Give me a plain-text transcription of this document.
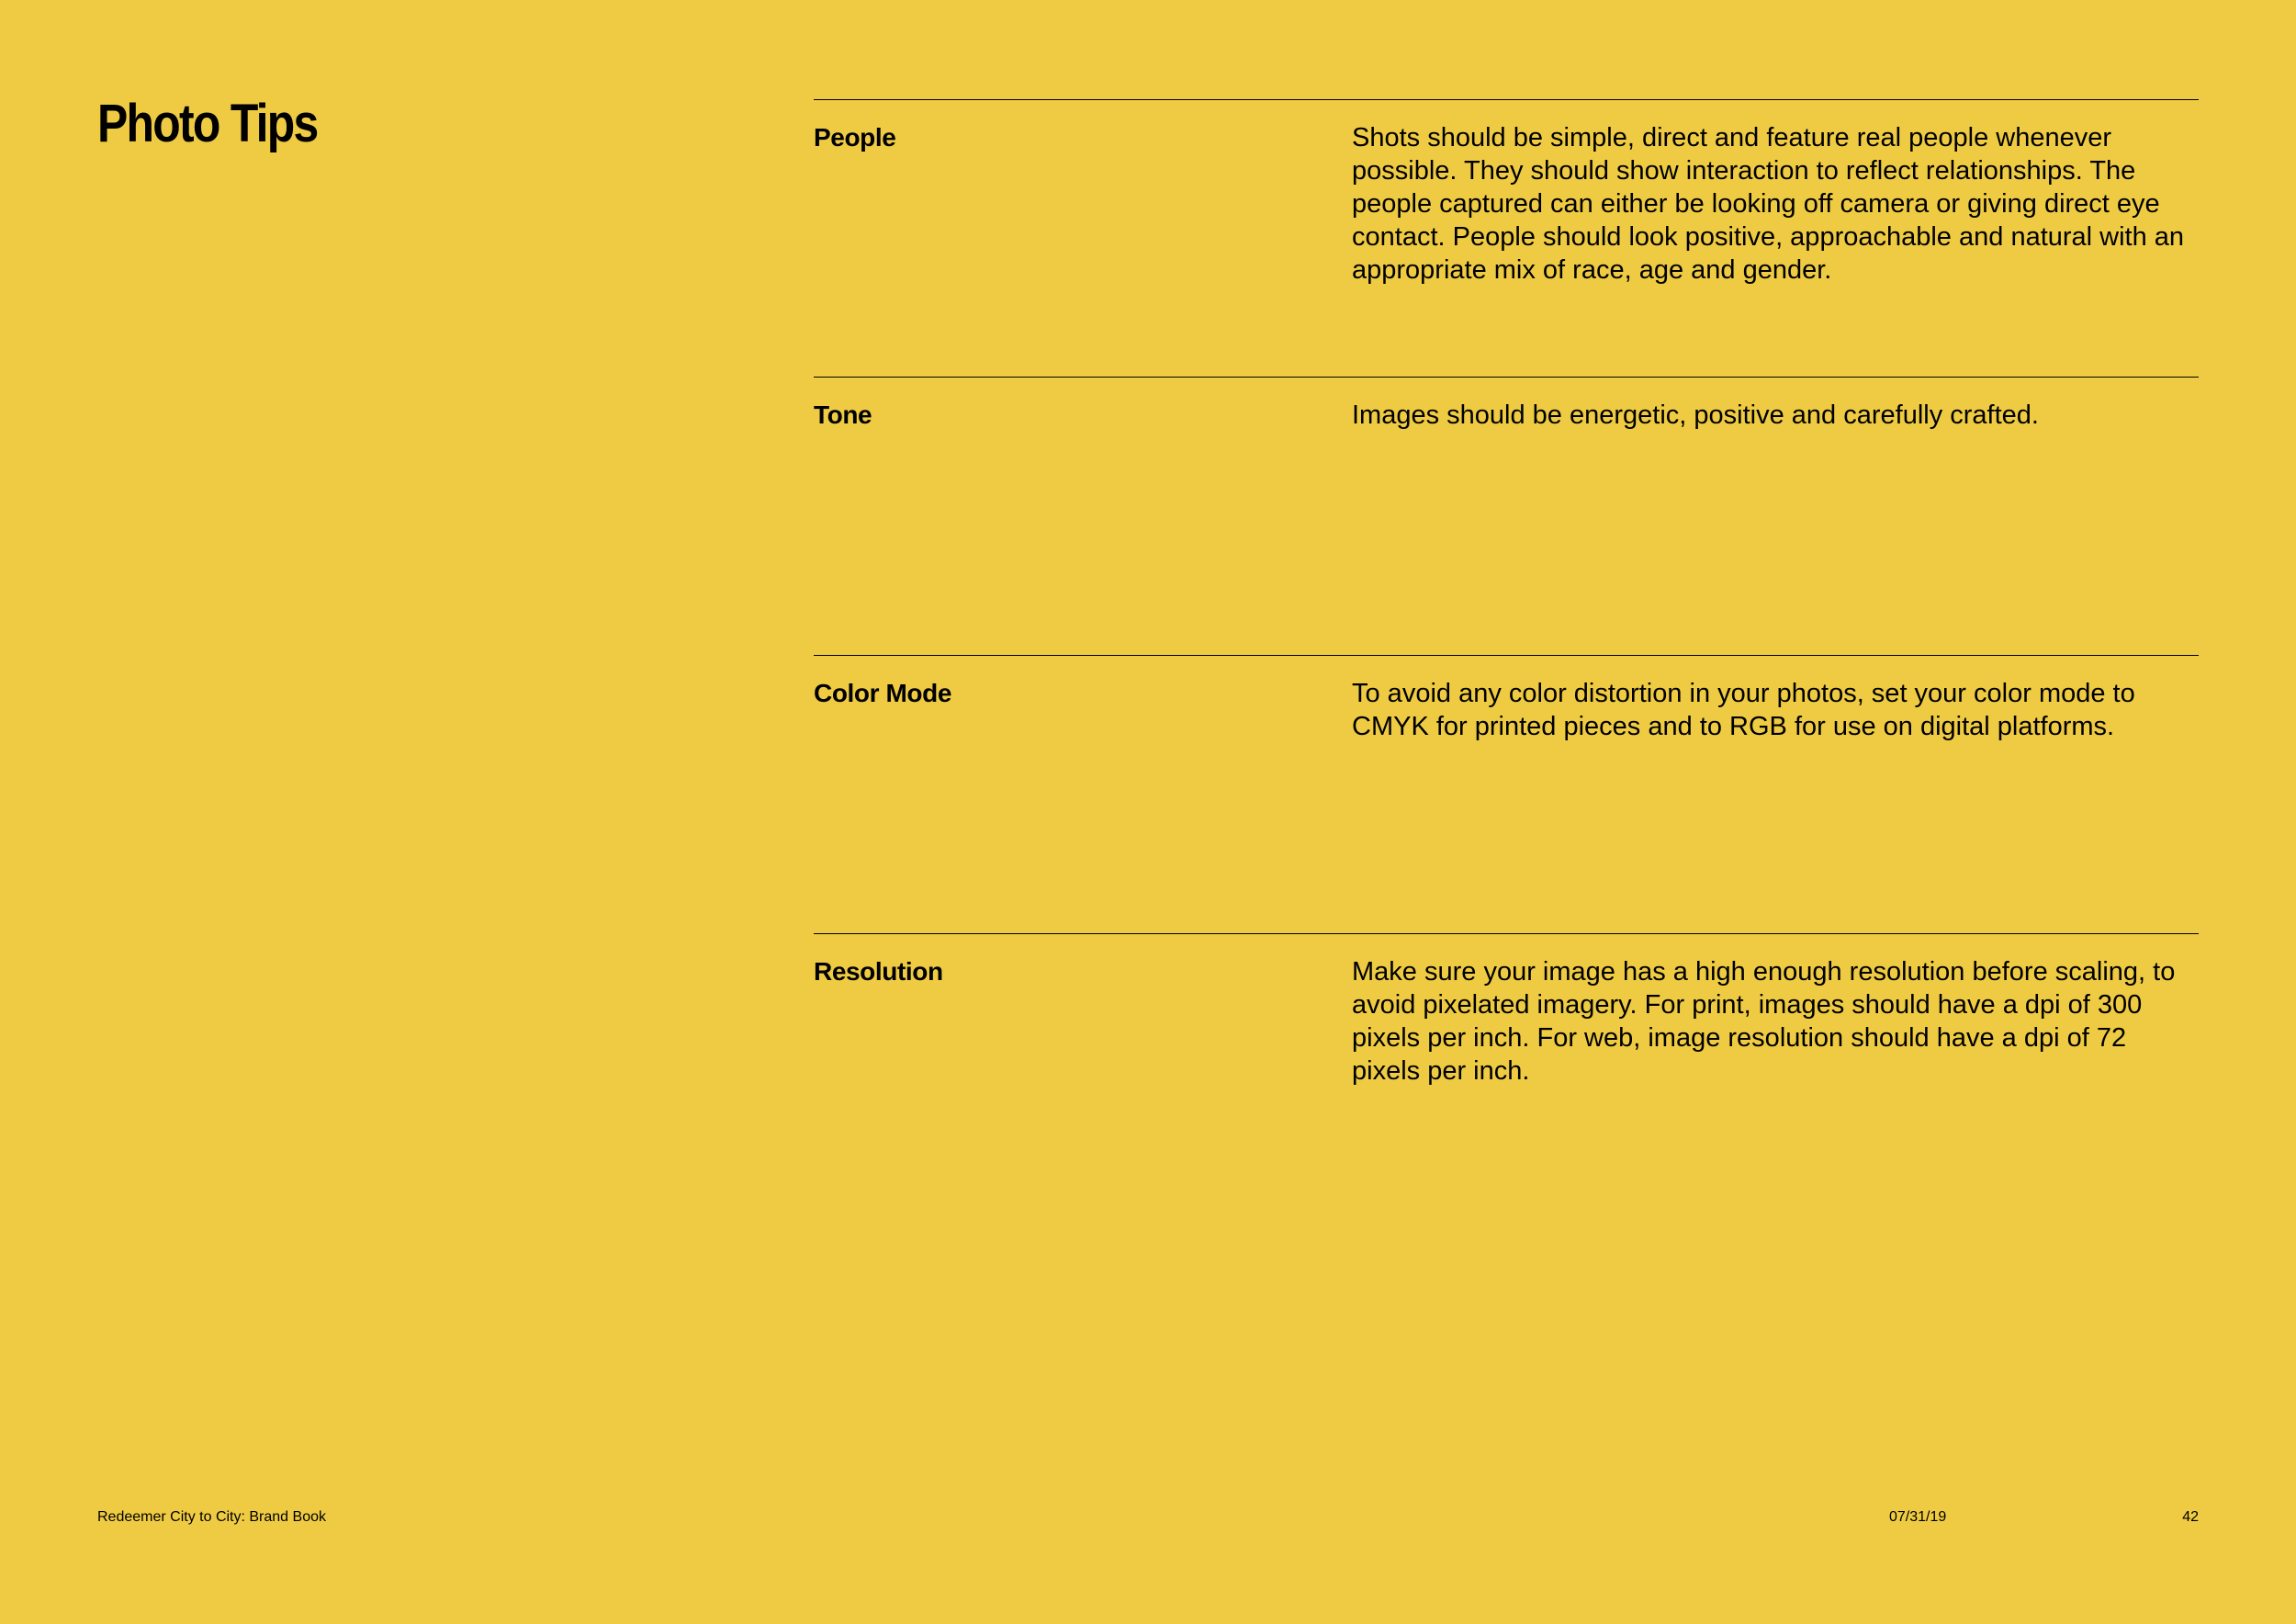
Photo Tips	People	Shots should be simple, direct and feature real people whenever possible. They should show interaction to reflect relationships. The people captured can either be looking off camera or giving direct eye contact. People should look positive, approachable and natural with an appropriate mix of race, age and gender.

Tone	Images should be energetic, positive and carefully crafted.

Color Mode	To avoid any color distortion in your photos, set your color mode to CMYK for printed pieces and to RGB for use on digital platforms.

Resolution	Make sure your image has a high enough resolution before scaling, to avoid pixelated imagery. For print, images should have a dpi of 300 pixels per inch. For web, image resolution should have a dpi of 72 pixels per inch.

Redeemer City to City: Brand Book	07/31/19	42
